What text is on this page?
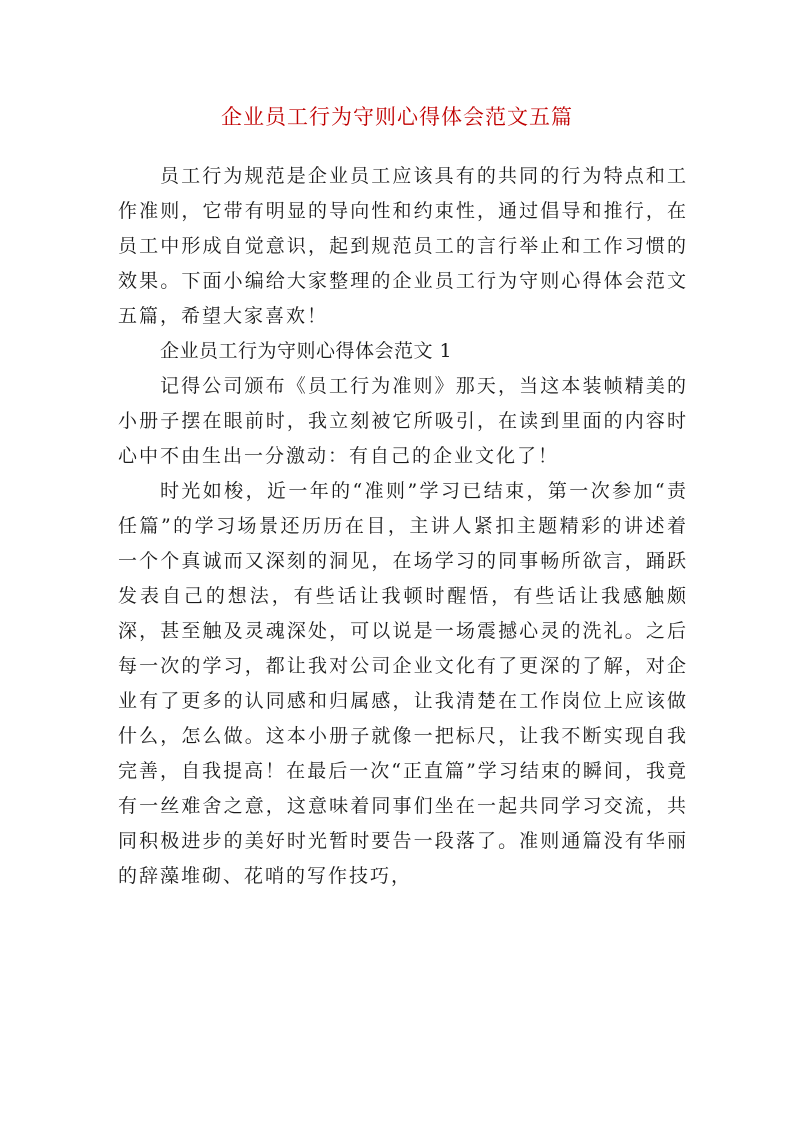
企业员工行为守则心得体会范文五篇

员工行为规范是企业员工应该具有的共同的行为特点和工作准则，它带有明显的导向性和约束性，通过倡导和推行，在员工中形成自觉意识，起到规范员工的言行举止和工作习惯的效果。下面小编给大家整理的企业员工行为守则心得体会范文五篇，希望大家喜欢！

企业员工行为守则心得体会范文 1

记得公司颁布《员工行为准则》那天，当这本装帧精美的小册子摆在眼前时，我立刻被它所吸引，在读到里面的内容时心中不由生出一分激动：有自己的企业文化了！

时光如梭，近一年的“准则”学习已结束，第一次参加“责任篇”的学习场景还历历在目，主讲人紧扣主题精彩的讲述着一个个真诚而又深刻的洞见，在场学习的同事畅所欲言，踊跃发表自己的想法，有些话让我顿时醒悟，有些话让我感触颇深，甚至触及灵魂深处，可以说是一场震撼心灵的洗礼。之后每一次的学习，都让我对公司企业文化有了更深的了解，对企业有了更多的认同感和归属感，让我清楚在工作岗位上应该做什么，怎么做。这本小册子就像一把标尺，让我不断实现自我完善，自我提高！在最后一次“正直篇”学习结束的瞬间，我竟有一丝难舍之意，这意味着同事们坐在一起共同学习交流，共同积极进步的美好时光暂时要告一段落了。准则通篇没有华丽的辞藻堆砌、花哨的写作技巧，
